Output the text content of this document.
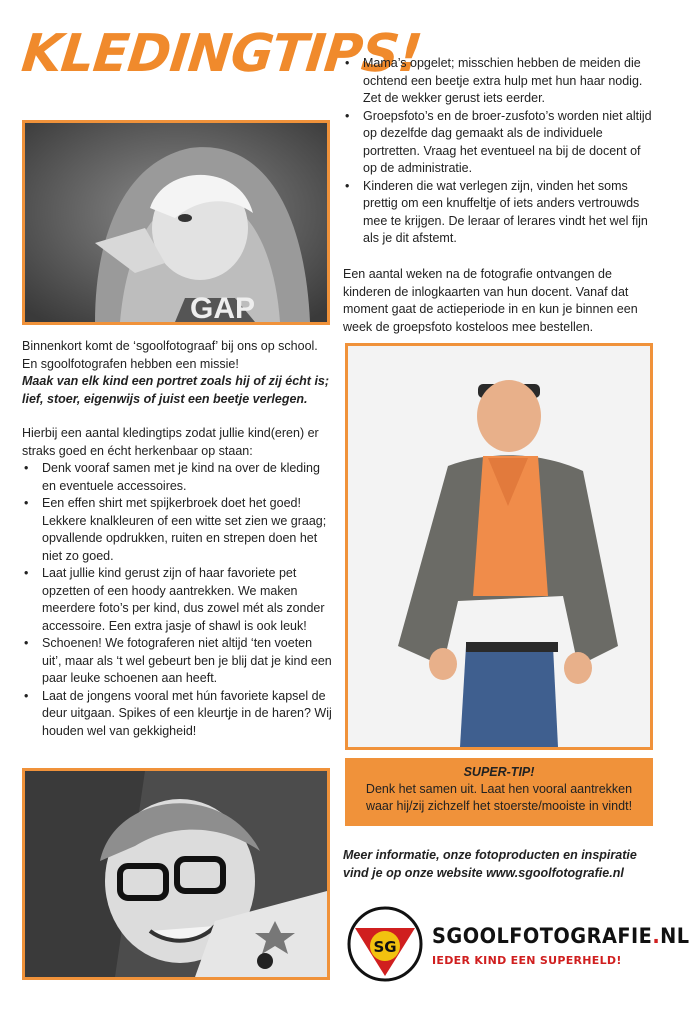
KLEDINGTIPS!
GAP

Binnenkort komt de ‘sgoolfotograaf’ bij ons op school.

En sgoolfotografen hebben een missie!

Maak van elk kind een portret zoals hij of zij écht is;

lief, stoer, eigenwijs of juist een beetje verlegen.

Hierbij een aantal kledingtips zodat jullie kind(eren) er straks goed en écht herkenbaar op staan:

• Denk vooraf samen met je kind na over de kleding en eventuele accessoires.
• Een effen shirt met spijkerbroek doet het goed! Lekkere knalkleuren of een witte set zien we graag; opvallende opdrukken, ruiten en strepen doen het niet zo goed.
• Laat jullie kind gerust zijn of haar favoriete pet opzetten of een hoody aantrekken. We maken meerdere foto’s per kind, dus zowel mét als zonder accessoire. Een extra jasje of shawl is ook leuk!
• Schoenen! We fotograferen niet altijd ‘ten voeten uit’, maar als ‘t wel gebeurt ben je blij dat je kind een paar leuke schoenen aan heeft.
• Laat de jongens vooral met hún favoriete kapsel de deur uitgaan. Spikes of een kleurtje in de haren? Wij houden wel van gekkigheid!
• Mama’s opgelet; misschien hebben de meiden die ochtend een beetje extra hulp met hun haar nodig. Zet de wekker gerust iets eerder.
• Groepsfoto’s en de broer-zusfoto’s worden niet altijd op dezelfde dag gemaakt als de individuele portretten. Vraag het eventueel na bij de docent of op de administratie.
• Kinderen die wat verlegen zijn, vinden het soms prettig om een knuffeltje of iets anders vertrouwds mee te krijgen. De leraar of lerares vindt het wel fijn als je dit afstemt.
Een aantal weken na de fotografie ontvangen de kinderen de inlogkaarten van hun docent. Vanaf dat moment gaat de actieperiode in en kun je binnen een week de groepsfoto kosteloos mee bestellen.
SUPER-TIP!
Denk het samen uit. Laat hen vooral aantrekken
waar hij/zij zichzelf het stoerste/mooiste in vindt!
Meer informatie, onze fotoproducten en inspiratie
vind je op onze website www.sgoolfotografie.nl
SG SGOOLFOTOGRAFIE.NL
IEDER KIND EEN SUPERHELD!
